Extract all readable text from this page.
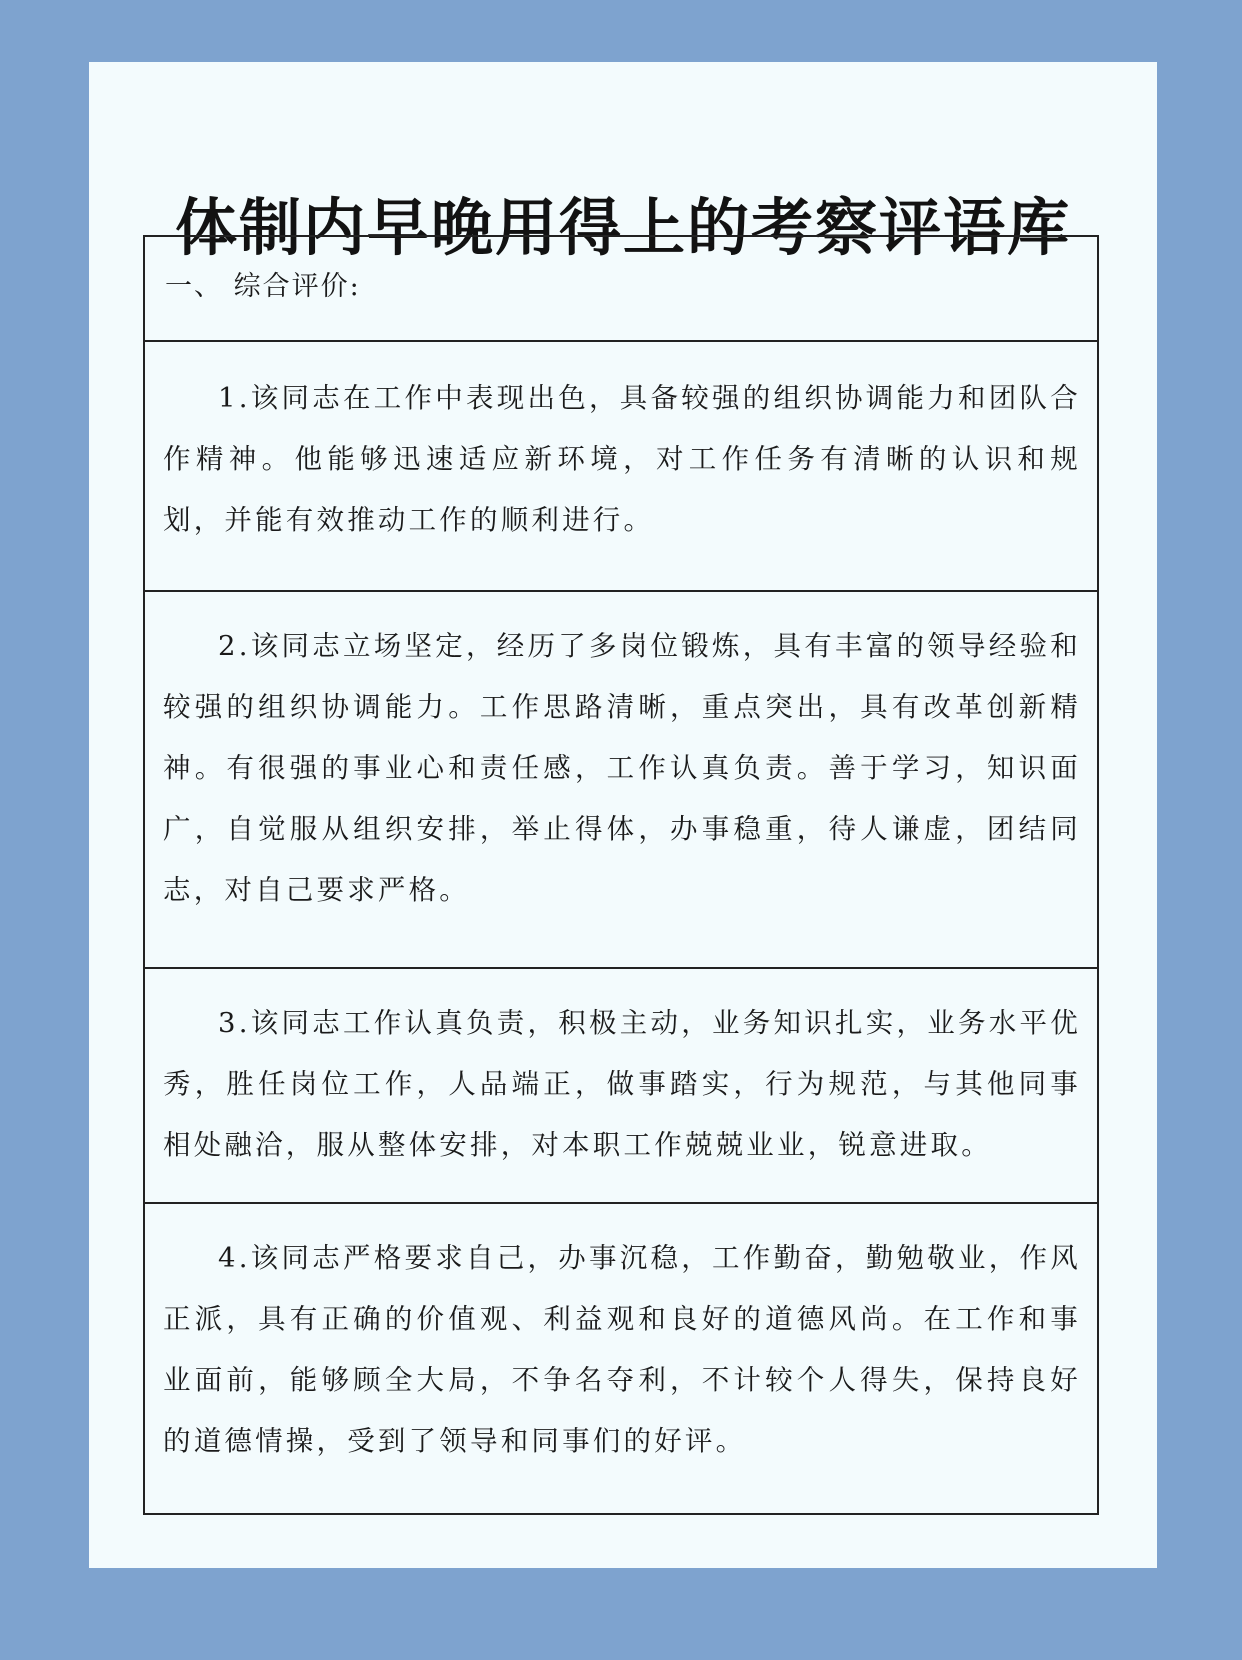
体制内早晚用得上的考察评语库
一、 综合评价:

1.该同志在工作中表现出色，具备较强的组织协调能力和团队合作精神。他能够迅速适应新环境，对工作任务有清晰的认识和规划，并能有效推动工作的顺利进行。

2.该同志立场坚定，经历了多岗位锻炼，具有丰富的领导经验和较强的组织协调能力。工作思路清晰，重点突出，具有改革创新精神。有很强的事业心和责任感，工作认真负责。善于学习，知识面广，自觉服从组织安排，举止得体，办事稳重，待人谦虚，团结同志，对自己要求严格。

3.该同志工作认真负责，积极主动，业务知识扎实，业务水平优秀，胜任岗位工作，人品端正，做事踏实，行为规范，与其他同事相处融洽，服从整体安排，对本职工作兢兢业业，锐意进取。

4.该同志严格要求自己，办事沉稳，工作勤奋，勤勉敬业，作风正派，具有正确的价值观、利益观和良好的道德风尚。在工作和事业面前，能够顾全大局，不争名夺利，不计较个人得失，保持良好的道德情操，受到了领导和同事们的好评。
